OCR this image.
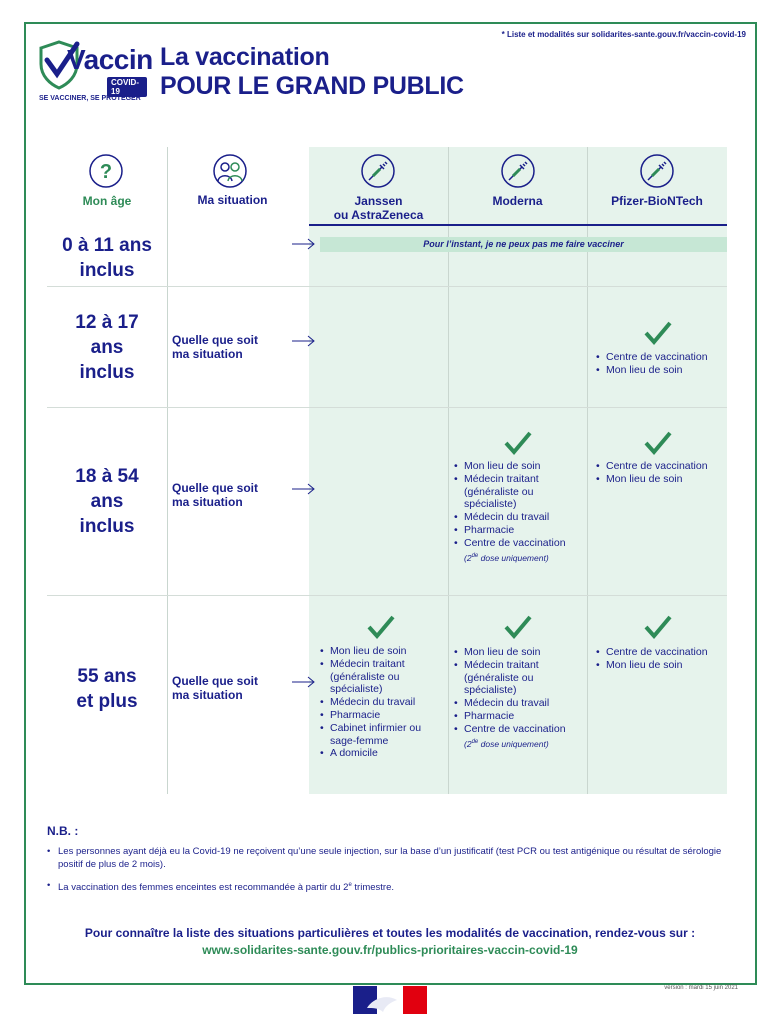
* Liste et modalités sur solidarites-sante.gouv.fr/vaccin-covid-19
Vaccin
COVID-19
SE VACCINER, SE PROTÉGER
La vaccination
POUR LE GRAND PUBLIC
?
Mon âge	Ma situation	Janssen
ou AstraZeneca
Moderna	Pfizer-BioNTech
0 à 11 ans
inclus
Pour l’instant, je ne peux pas me faire vacciner
12 à 17
ans
inclus
Quelle que soit
ma situation
•	Centre de vaccination
• Mon lieu de soin
18 à 54
ans
inclus
Quelle que soit
ma situation
• Mon lieu de soin
• Médecin traitant
(généraliste ou
spécialiste)
• Médecin du travail
• Pharmacie
• Centre de vaccination
(2de dose uniquement)
• Centre de vaccination
• Mon lieu de soin
55 ans
et plus
Quelle que soit
ma situation
• Mon lieu de soin
• Médecin traitant
(généraliste ou
spécialiste)
• Médecin du travail
• Pharmacie
• Cabinet infirmier ou
sage-femme
• A domicile
• Mon lieu de soin
• Médecin traitant
(généraliste ou
spécialiste)
• Médecin du travail
• Pharmacie
• Centre de vaccination
(2de dose uniquement)
• Centre de vaccination
• Mon lieu de soin
N.B. :
• Les personnes ayant déjà eu la Covid-19 ne reçoivent qu’une seule injection, sur la base d’un justificatif (test PCR ou test antigénique ou résultat de sérologie positif de plus de 2 mois).
• La vaccination des femmes enceintes est recommandée à partir du 2e trimestre.
Pour connaître la liste des situations particulières et toutes les modalités de vaccination, rendez-vous sur :
www.solidarites-sante.gouv.fr/publics-prioritaires-vaccin-covid-19
version : mardi 15 juin 2021
